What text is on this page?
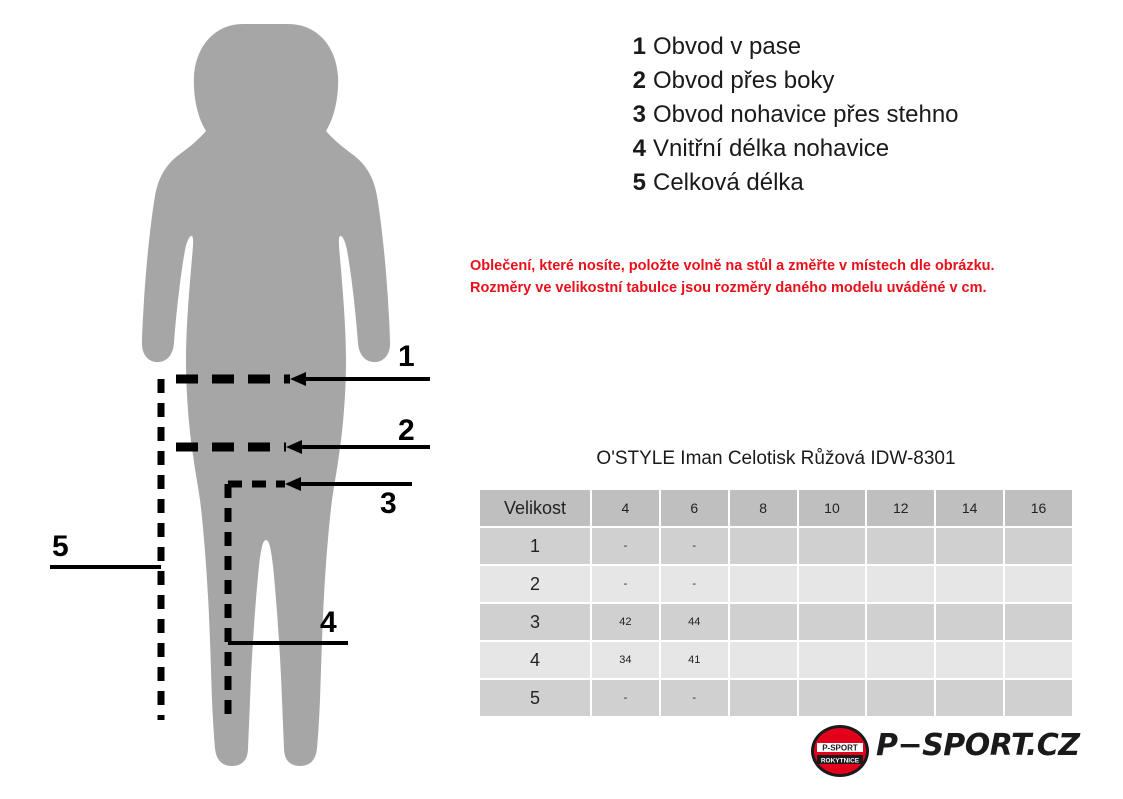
1
2
3
4
5
1 Obvod v pase
2 Obvod přes boky
3 Obvod nohavice přes stehno
4 Vnitřní délka nohavice
5 Celková délka
Oblečení, které nosíte, položte volně na stůl a změřte v místech dle obrázku.
Rozměry ve velikostní tabulce jsou rozměry daného modelu uváděné v cm.
O'STYLE Iman Celotisk Růžová IDW-8301
Velikost	4	6	8	10	12	14	16
1	-	-					
2	-	-					
3	42	44					
4	34	41					
5	-	-					
P-SPORT
ROKYTNICE P−SPORT.CZ
